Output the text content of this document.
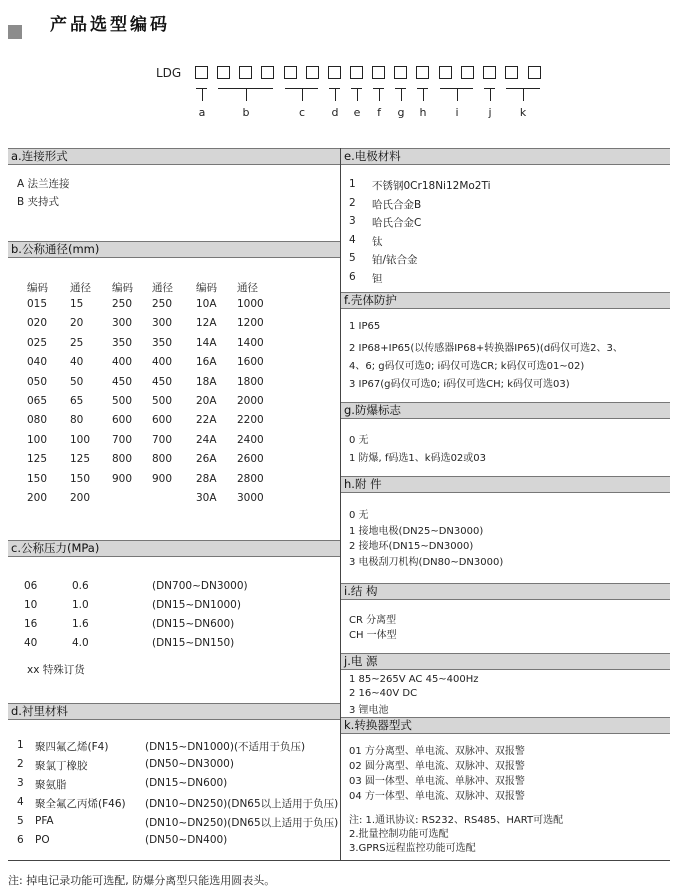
产品选型编码
LDG
a	b	c	d	e	f	g	h	i	j	k
a.连接形式
A 法兰连接
B 夹持式
b.公称通径(mm)
编码 通径 编码 通径 编码 通径
015 15	250 250 10A 1000
020 20	300 300 12A 1200
025 25	350 350 14A 1400
040 40	400 400 16A 1600
050 50	450 450 18A 1800
065 65	500 500 20A 2000
080 80	600 600 22A 2200
100 100 700 700 24A 2400
125 125 800 800 26A 2600
150 150 900 900 28A 2800
200 200	30A 3000
c.公称压力(MPa)
06	0.6	(DN700~DN3000)
10	1.0	(DN15~DN1000)
16	1.6	(DN15~DN600)
40	4.0	(DN15~DN150)
xx 特殊订货
d.衬里材料
1 聚四氟乙烯(F4)	(DN15~DN1000)(不适用于负压)
2 聚氯丁橡胶	(DN50~DN3000)
3 聚氨脂	(DN15~DN600)
4 聚全氟乙丙烯(F46) (DN10~DN250)(DN65以上适用于负压)
5 PFA	(DN10~DN250)(DN65以上适用于负压)
6 PO	(DN50~DN400)
e.电极材料
1 不锈钢0Cr18Ni12Mo2Ti
2 哈氏合金B
3 哈氏合金C
4 钛
5 铂/铱合金
6 钽
f.壳体防护
1 IP65
2 IP68+IP65(以传感器IP68+转换器IP65)(d码仅可选2、3、
4、6; g码仅可选0; i码仅可选CR; k码仅可选01~02)
3 IP67(g码仅可选0; i码仅可选CH; k码仅可选03)
g.防爆标志
0 无
1 防爆, f码选1、k码选02或03
h.附 件
0 无
1 接地电极(DN25~DN3000)
2 接地环(DN15~DN3000)
3 电极刮刀机构(DN80~DN3000)
i.结 构
CR 分离型
CH 一体型
j.电 源
1 85~265V AC 45~400Hz
2 16~40V DC
3 锂电池
k.转换器型式
01 方分离型、单电流、双脉冲、双报警
02 圆分离型、单电流、双脉冲、双报警
03 圆一体型、单电流、单脉冲、双报警
04 方一体型、单电流、双脉冲、双报警
注: 1.通讯协议: RS232、RS485、HART可选配
2.批量控制功能可选配
3.GPRS远程监控功能可选配
注: 掉电记录功能可选配, 防爆分离型只能选用圆表头。
